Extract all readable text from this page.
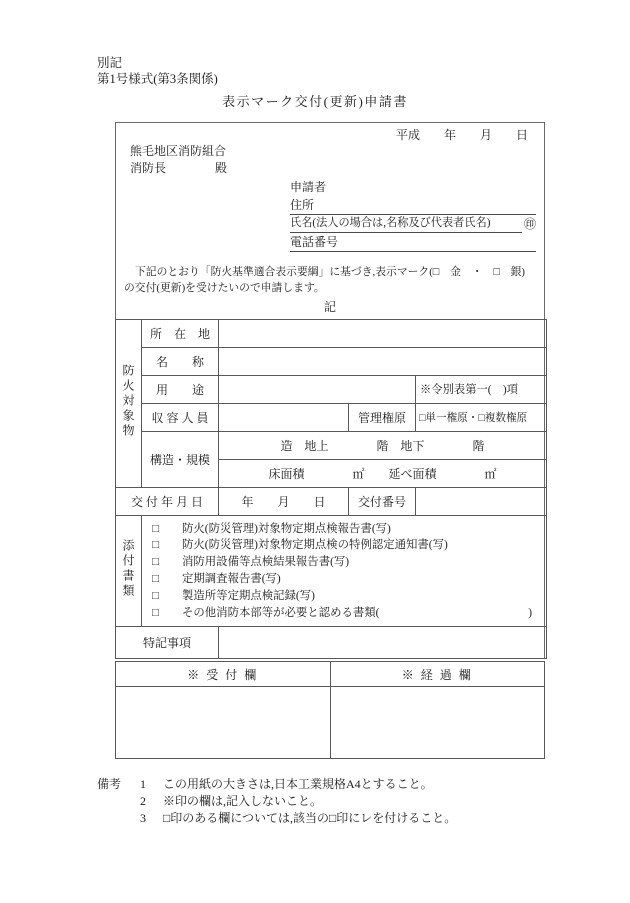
別記
第1号様式(第3条関係)
表示マーク交付(更新)申請書
平成　　年　　月　　日
熊毛地区消防組合
消防長	殿
申請者
住所
氏名(法人の場合は,名称及び代表者氏名)	㊞
電話番号
下記のとおり「防火基準適合表示要綱」に基づき,表示マーク(□　金　・　□　銀)
の交付(更新)を受けたいので申請します。
記
防火対象物	所　在　地			
	名　　称			
	用　　途			※令別表第一(　)項
	収 容 人 員		管理権原	□単一権原・□複数権原
	構造・規模	造　地上　　　　階　地下　　　　階		
		床面積　　　　㎡　　延べ面積　　　　㎡		
交 付 年 月 日		年　　月　　日	交付番号	
添付書類	
□	防火(防災管理)対象物定期点検報告書(写)
□	防火(防災管理)対象物定期点検の特例認定通知書(写)
□	消防用設備等点検結果報告書(写)
□	定期調査報告書(写)
□	製造所等定期点検記録(写)
□	その他消防本部等が必要と認める書類(	)

特記事項				
※ 受 付 欄	※ 経 過 欄

備考	1	この用紙の大きさは,日本工業規格A4とすること。
2	※印の欄は,記入しないこと。
3	□印のある欄については,該当の□印にレを付けること。
